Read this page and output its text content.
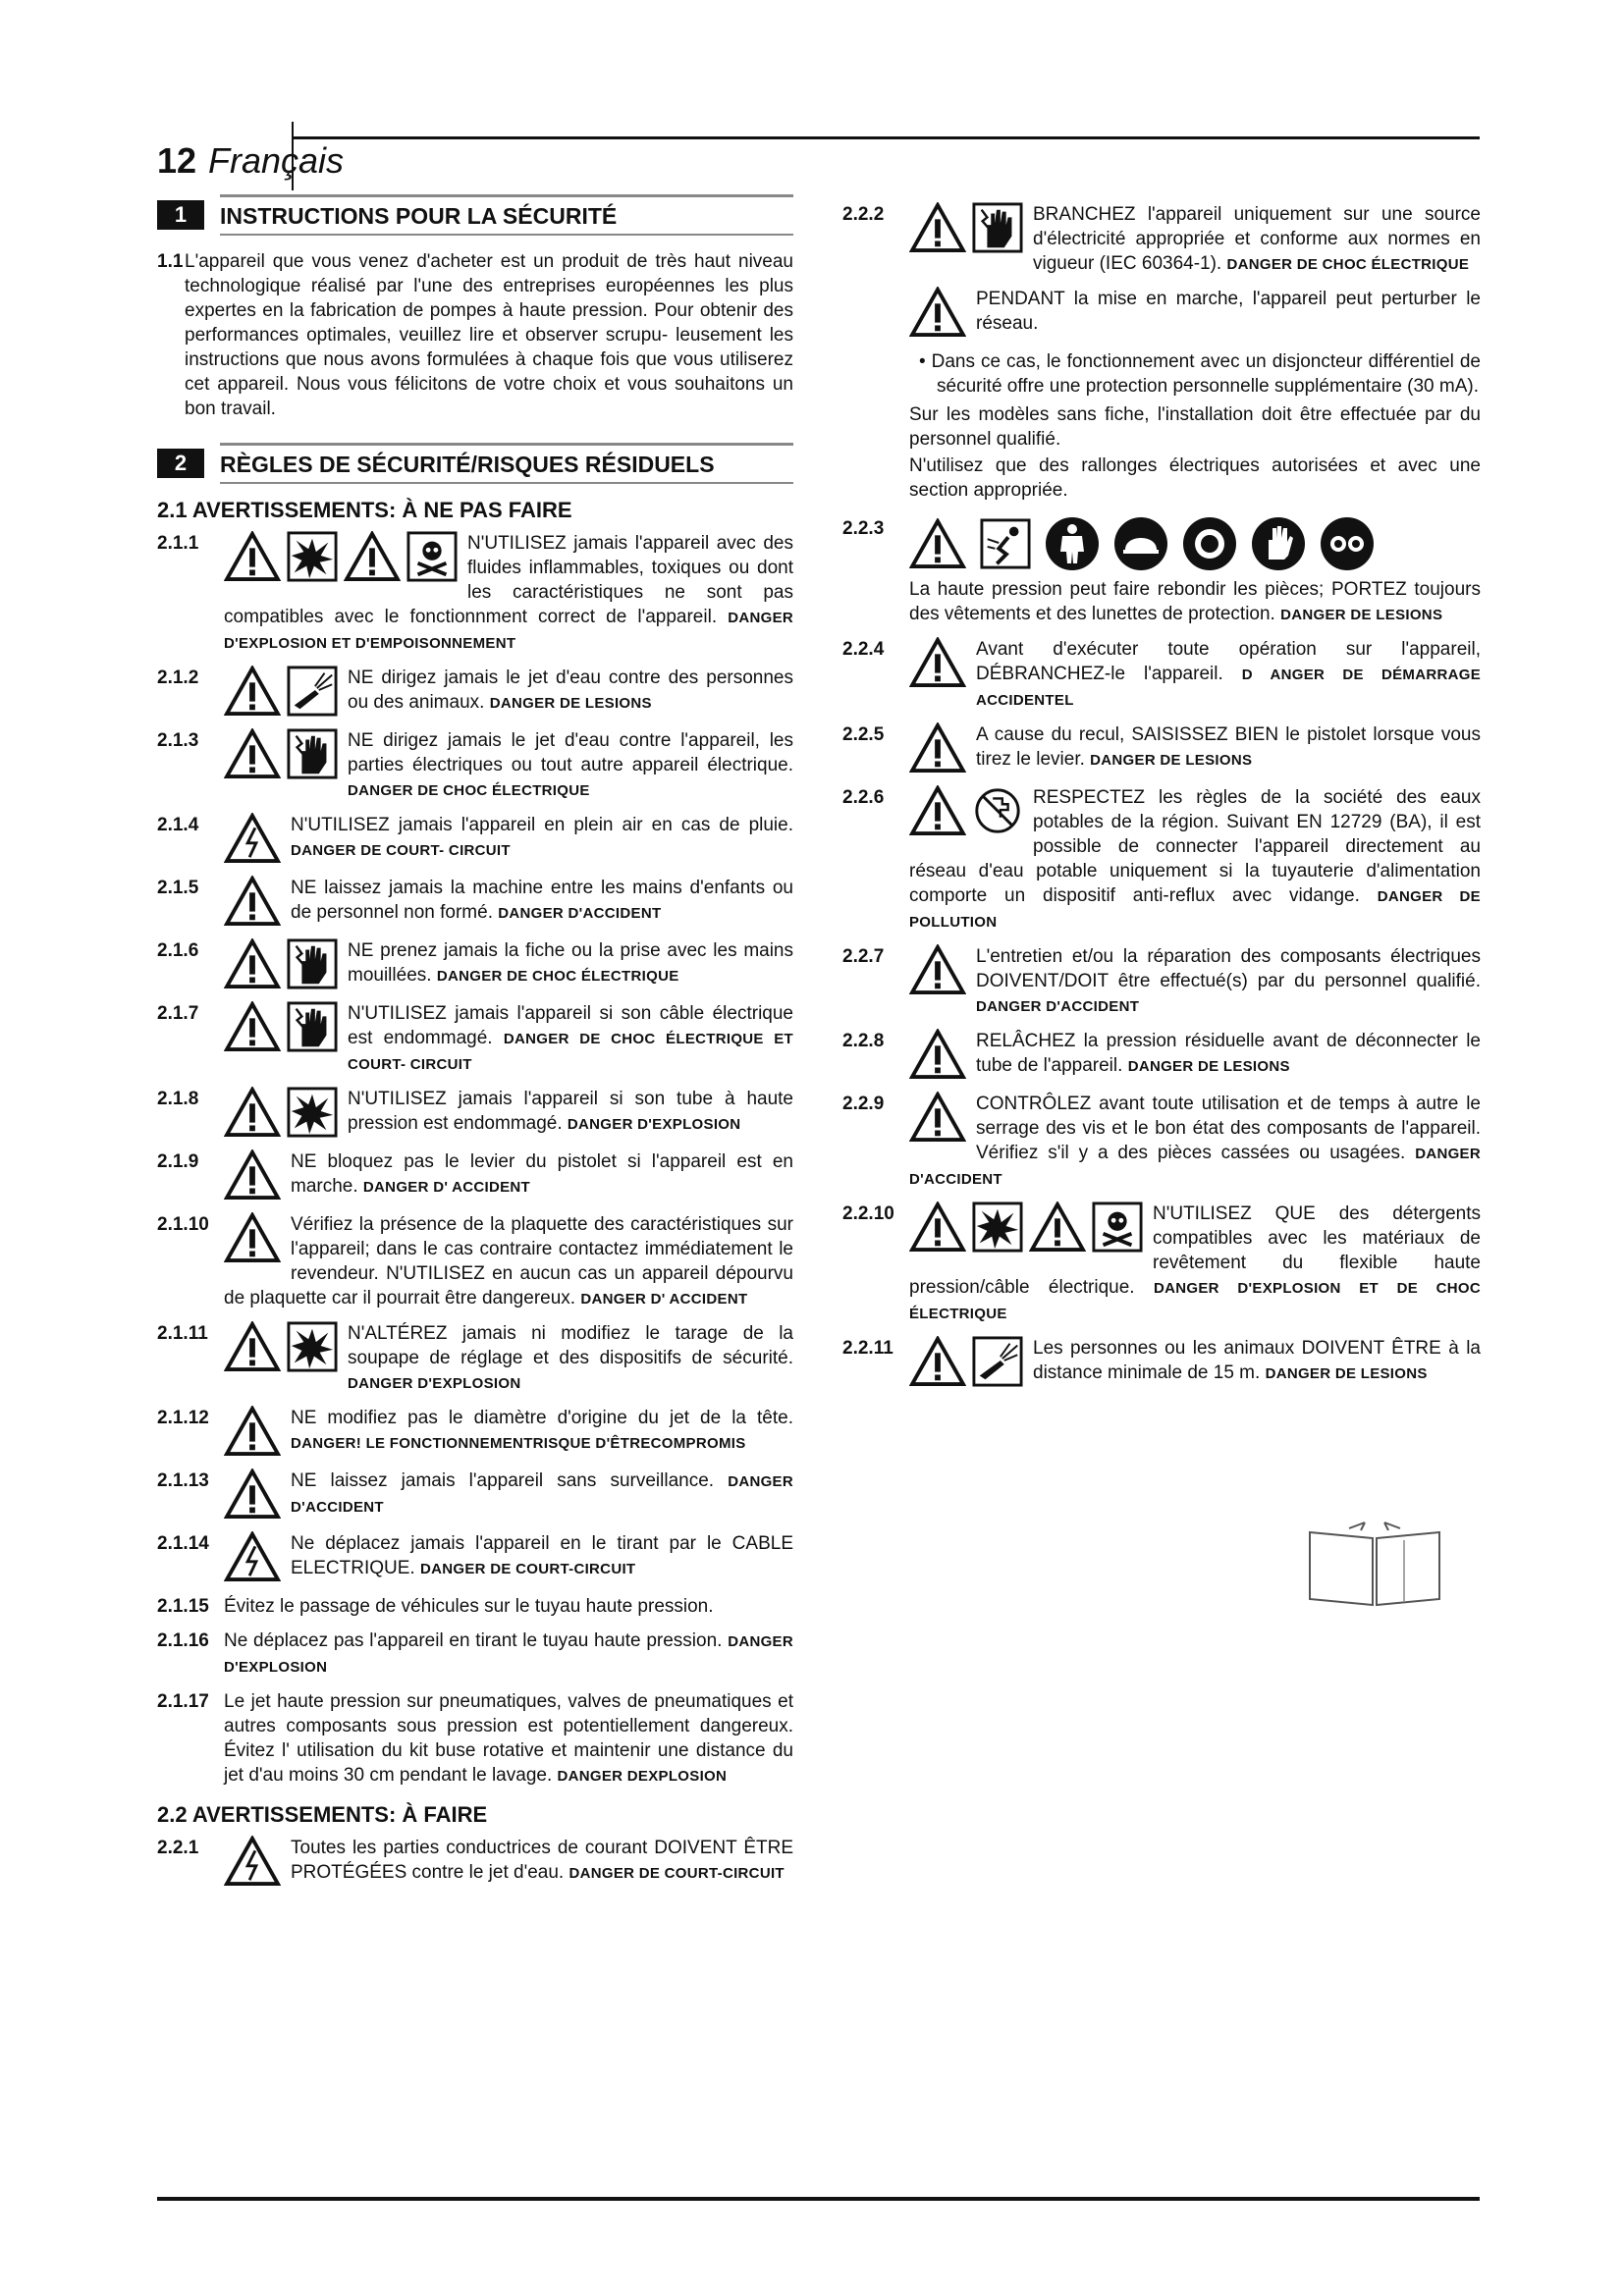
12 Français
1	INSTRUCTIONS POUR LA SÉCURITÉ
1.1 L'appareil que vous venez d'acheter est un produit de très haut niveau technologique réalisé par l'une des entreprises européennes les plus expertes en la fabrication de pompes à haute pression. Pour obtenir des performances optimales, veuillez lire et observer scrupu- leusement les instructions que nous avons formulées à chaque fois que vous utiliserez cet appareil. Nous vous félicitons de votre choix et vous souhaitons un bon travail.
2	RÈGLES DE SÉCURITÉ/RISQUES RÉSIDUELS
2.1 AVERTISSEMENTS: À NE PAS FAIRE
2.1.1	N'UTILISEZ jamais l'appareil avec des fluides inflammables, toxiques ou dont les caractéristiques ne sont pas compatibles avec le fonctionnment correct de l'appareil. DANGER D'EXPLOSION ET D'EMPOISONNEMENT
2.1.2	NE dirigez jamais le jet d'eau contre des personnes ou des animaux. DANGER DE LESIONS
2.1.3	NE dirigez jamais le jet d'eau contre l'appareil, les parties électriques ou tout autre appareil électrique. DANGER DE CHOC ÉLECTRIQUE
2.1.4	N'UTILISEZ jamais l'appareil en plein air en cas de pluie. DANGER DE COURT- CIRCUIT
2.1.5	NE laissez jamais la machine entre les mains d'enfants ou de personnel non formé. DANGER D'ACCIDENT
2.1.6	NE prenez jamais la fiche ou la prise avec les mains mouillées. DANGER DE CHOC ÉLECTRIQUE
2.1.7	N'UTILISEZ jamais l'appareil si son câble électrique est endommagé. DANGER DE CHOC ÉLECTRIQUE ET COURT- CIRCUIT
2.1.8	N'UTILISEZ jamais l'appareil si son tube à haute pression est endommagé. DANGER D'EXPLOSION
2.1.9	NE bloquez pas le levier du pistolet si l'appareil est en marche. DANGER D' ACCIDENT
2.1.10	Vérifiez la présence de la plaquette des caractéristiques sur l'appareil; dans le cas contraire contactez immédiatement le revendeur. N'UTILISEZ en aucun cas un appareil dépourvu de plaquette car il pourrait être dangereux. DANGER D' ACCIDENT
2.1.11	N'ALTÉREZ jamais ni modifiez le tarage de la soupape de réglage et des dispositifs de sécurité. DANGER D'EXPLOSION
2.1.12	NE modifiez pas le diamètre d'origine du jet de la tête. DANGER! LE FONCTIONNEMENTRISQUE D'ÊTRECOMPROMIS
2.1.13	NE laissez jamais l'appareil sans surveillance. DANGER D'ACCIDENT
2.1.14	Ne déplacez jamais l'appareil en le tirant par le CABLE ELECTRIQUE. DANGER DE COURT-CIRCUIT
2.1.15 Évitez le passage de véhicules sur le tuyau haute pression.
2.1.16 Ne déplacez pas l'appareil en tirant le tuyau haute pression. DANGER D'EXPLOSION
2.1.17 Le jet haute pression sur pneumatiques, valves de pneumatiques et autres composants sous pression est potentiellement dangereux. Évitez l' utilisation du kit buse rotative et maintenir une distance du jet d'au moins 30 cm pendant le lavage. DANGER DEXPLOSION
2.2 AVERTISSEMENTS: À FAIRE
2.2.1	Toutes les parties conductrices de courant DOIVENT ÊTRE PROTÉGÉES contre le jet d'eau. DANGER DE COURT-CIRCUIT
2.2.2	BRANCHEZ l'appareil uniquement sur une source d'électricité appropriée et conforme aux normes en vigueur (IEC 60364-1). DANGER DE CHOC ÉLECTRIQUE
PENDANT la mise en marche, l'appareil peut perturber le réseau.
• Dans ce cas, le fonctionnement avec un disjoncteur différentiel de sécurité offre une protection personnelle supplémentaire (30 mA).
Sur les modèles sans fiche, l'installation doit être effectuée par du personnel qualifié.
N'utilisez que des rallonges électriques autorisées et avec une section appropriée.
2.2.3
La haute pression peut faire rebondir les pièces; PORTEZ toujours des vêtements et des lunettes de protection. DANGER DE LESIONS
2.2.4	Avant d'exécuter toute opération sur l'appareil, DÉBRANCHEZ-le l'appareil. D ANGER DE DÉMARRAGE ACCIDENTEL
2.2.5	A cause du recul, SAISISSEZ BIEN le pistolet lorsque vous tirez le levier. DANGER DE LESIONS
2.2.6	RESPECTEZ les règles de la société des eaux potables de la région. Suivant EN 12729 (BA), il est possible de connecter l'appareil directement au réseau d'eau potable uniquement si la tuyauterie d'alimentation comporte un dispositif anti-reflux avec vidange. DANGER DE POLLUTION
2.2.7	L'entretien et/ou la réparation des composants électriques DOIVENT/DOIT être effectué(s) par du personnel qualifié. DANGER D'ACCIDENT
2.2.8	RELÂCHEZ la pression résiduelle avant de déconnecter le tube de l'appareil. DANGER DE LESIONS
2.2.9	CONTRÔLEZ avant toute utilisation et de temps à autre le serrage des vis et le bon état des composants de l'appareil. Vérifiez s'il y a des pièces cassées ou usagées. DANGER D'ACCIDENT
2.2.10	N'UTILISEZ QUE des détergents compatibles avec les matériaux de revêtement du flexible haute pression/câble électrique. DANGER D'EXPLOSION ET DE CHOC ÉLECTRIQUE
2.2.11	Les personnes ou les animaux DOIVENT ÊTRE à la distance minimale de 15 m. DANGER DE LESIONS
